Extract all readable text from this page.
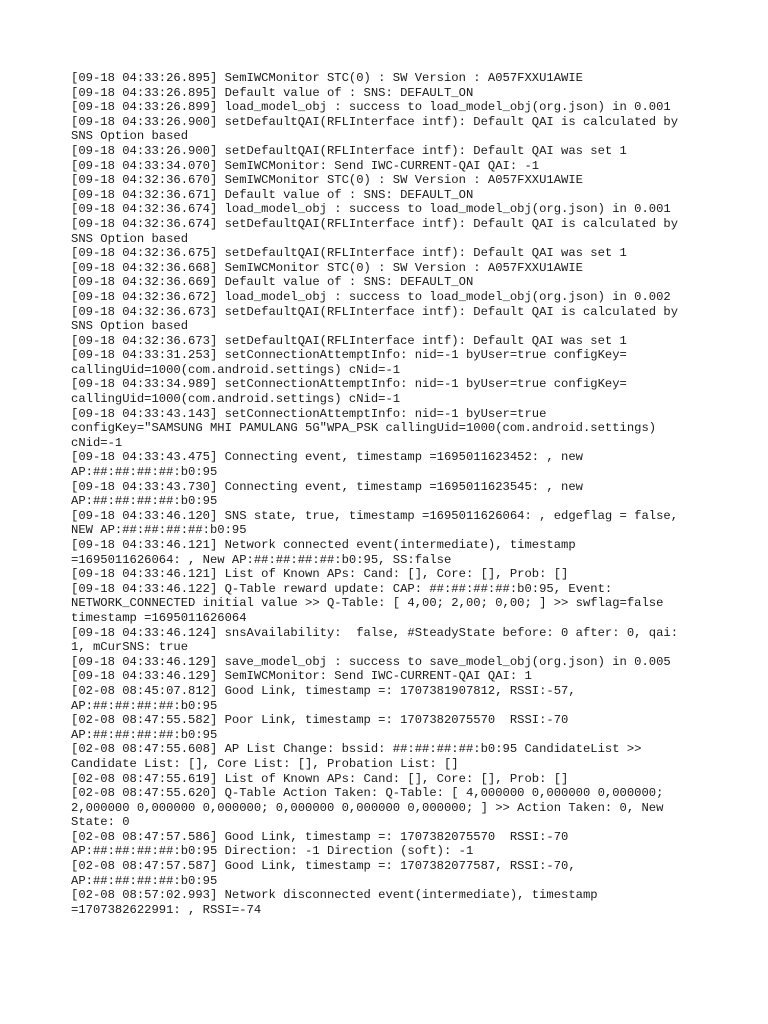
[09-18 04:33:26.895] SemIWCMonitor STC(0) : SW Version : A057FXXU1AWIE
[09-18 04:33:26.895] Default value of : SNS: DEFAULT_ON
[09-18 04:33:26.899] load_model_obj : success to load_model_obj(org.json) in 0.001
[09-18 04:33:26.900] setDefaultQAI(RFLInterface intf): Default QAI is calculated by
SNS Option based
[09-18 04:33:26.900] setDefaultQAI(RFLInterface intf): Default QAI was set 1
[09-18 04:33:34.070] SemIWCMonitor: Send IWC-CURRENT-QAI QAI: -1
[09-18 04:32:36.670] SemIWCMonitor STC(0) : SW Version : A057FXXU1AWIE
[09-18 04:32:36.671] Default value of : SNS: DEFAULT_ON
[09-18 04:32:36.674] load_model_obj : success to load_model_obj(org.json) in 0.001
[09-18 04:32:36.674] setDefaultQAI(RFLInterface intf): Default QAI is calculated by
SNS Option based
[09-18 04:32:36.675] setDefaultQAI(RFLInterface intf): Default QAI was set 1
[09-18 04:32:36.668] SemIWCMonitor STC(0) : SW Version : A057FXXU1AWIE
[09-18 04:32:36.669] Default value of : SNS: DEFAULT_ON
[09-18 04:32:36.672] load_model_obj : success to load_model_obj(org.json) in 0.002
[09-18 04:32:36.673] setDefaultQAI(RFLInterface intf): Default QAI is calculated by
SNS Option based
[09-18 04:32:36.673] setDefaultQAI(RFLInterface intf): Default QAI was set 1
[09-18 04:33:31.253] setConnectionAttemptInfo: nid=-1 byUser=true configKey=
callingUid=1000(com.android.settings) cNid=-1
[09-18 04:33:34.989] setConnectionAttemptInfo: nid=-1 byUser=true configKey=
callingUid=1000(com.android.settings) cNid=-1
[09-18 04:33:43.143] setConnectionAttemptInfo: nid=-1 byUser=true
configKey="SAMSUNG MHI PAMULANG 5G"WPA_PSK callingUid=1000(com.android.settings)
cNid=-1
[09-18 04:33:43.475] Connecting event, timestamp =1695011623452: , new
AP:##:##:##:##:b0:95
[09-18 04:33:43.730] Connecting event, timestamp =1695011623545: , new
AP:##:##:##:##:b0:95
[09-18 04:33:46.120] SNS state, true, timestamp =1695011626064: , edgeflag = false,
NEW AP:##:##:##:##:b0:95
[09-18 04:33:46.121] Network connected event(intermediate), timestamp
=1695011626064: , New AP:##:##:##:##:b0:95, SS:false
[09-18 04:33:46.121] List of Known APs: Cand: [], Core: [], Prob: []
[09-18 04:33:46.122] Q-Table reward update: CAP: ##:##:##:##:b0:95, Event:
NETWORK_CONNECTED initial value >> Q-Table: [ 4,00; 2,00; 0,00; ] >> swflag=false
timestamp =1695011626064
[09-18 04:33:46.124] snsAvailability:  false, #SteadyState before: 0 after: 0, qai:
1, mCurSNS: true
[09-18 04:33:46.129] save_model_obj : success to save_model_obj(org.json) in 0.005
[09-18 04:33:46.129] SemIWCMonitor: Send IWC-CURRENT-QAI QAI: 1
[02-08 08:45:07.812] Good Link, timestamp =: 1707381907812, RSSI:-57,
AP:##:##:##:##:b0:95
[02-08 08:47:55.582] Poor Link, timestamp =: 1707382075570  RSSI:-70
AP:##:##:##:##:b0:95
[02-08 08:47:55.608] AP List Change: bssid: ##:##:##:##:b0:95 CandidateList >>
Candidate List: [], Core List: [], Probation List: []
[02-08 08:47:55.619] List of Known APs: Cand: [], Core: [], Prob: []
[02-08 08:47:55.620] Q-Table Action Taken: Q-Table: [ 4,000000 0,000000 0,000000;
2,000000 0,000000 0,000000; 0,000000 0,000000 0,000000; ] >> Action Taken: 0, New
State: 0
[02-08 08:47:57.586] Good Link, timestamp =: 1707382075570  RSSI:-70
AP:##:##:##:##:b0:95 Direction: -1 Direction (soft): -1
[02-08 08:47:57.587] Good Link, timestamp =: 1707382077587, RSSI:-70,
AP:##:##:##:##:b0:95
[02-08 08:57:02.993] Network disconnected event(intermediate), timestamp
=1707382622991: , RSSI=-74
